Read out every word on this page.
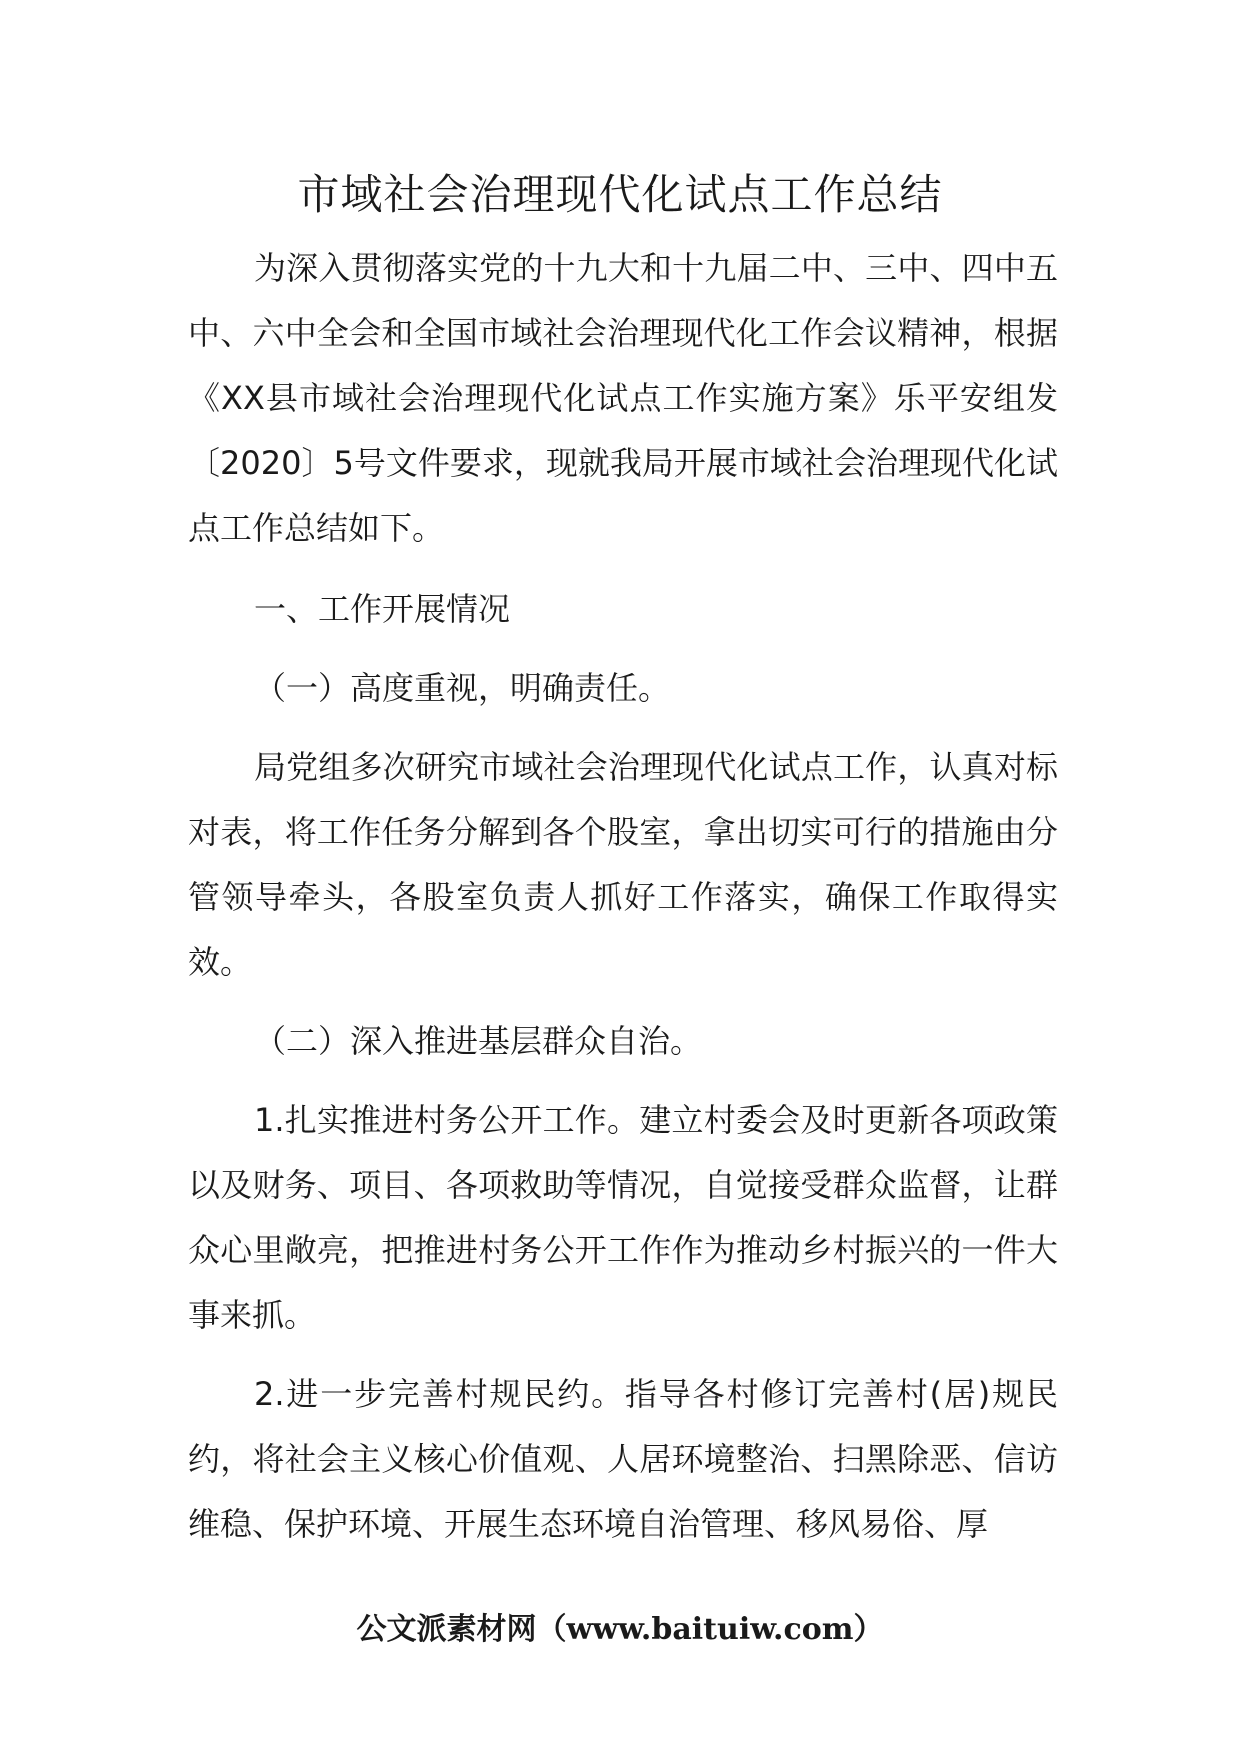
市域社会治理现代化试点工作总结

为深入贯彻落实党的十九大和十九届二中、三中、四中五中、六中全会和全国市域社会治理现代化工作会议精神，根据《XX县市域社会治理现代化试点工作实施方案》乐平安组发〔2020〕5号文件要求，现就我局开展市域社会治理现代化试点工作总结如下。

一、工作开展情况

（一）高度重视，明确责任。

局党组多次研究市域社会治理现代化试点工作，认真对标对表，将工作任务分解到各个股室，拿出切实可行的措施由分管领导牵头，各股室负责人抓好工作落实，确保工作取得实效。

（二）深入推进基层群众自治。

1.扎实推进村务公开工作。建立村委会及时更新各项政策以及财务、项目、各项救助等情况，自觉接受群众监督，让群众心里敞亮，把推进村务公开工作作为推动乡村振兴的一件大事来抓。

2.进一步完善村规民约。指导各村修订完善村(居)规民约，将社会主义核心价值观、人居环境整治、扫黑除恶、信访维稳、保护环境、开展生态环境自治管理、移风易俗、厚

公文派素材网（www.baituiw.com）
